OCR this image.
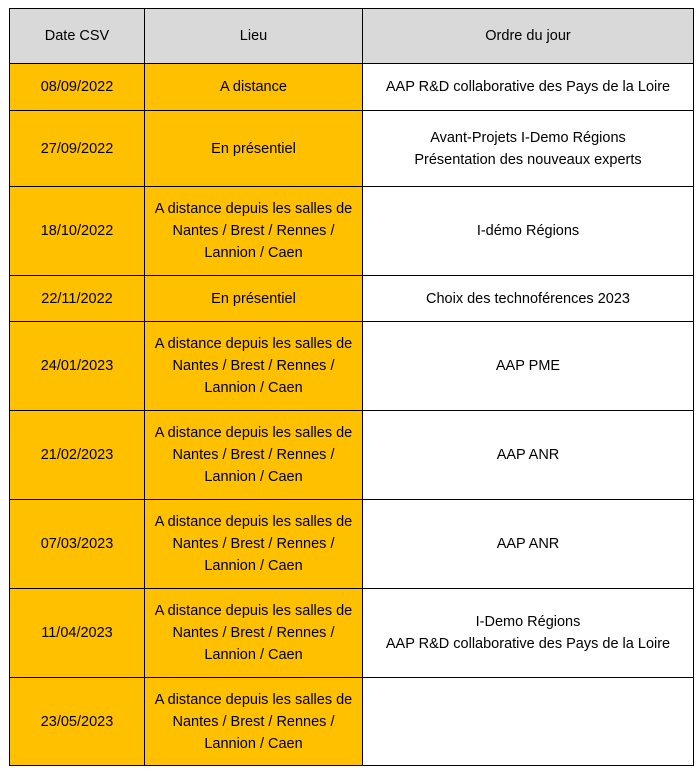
Date CSV	Lieu	Ordre du jour
08/09/2022	A distance	AAP R&D collaborative des Pays de la Loire

27/09/2022	En présentiel	Avant-Projets I-Demo Régions
Présentation des nouveaux experts

18/10/2022	A distance depuis les salles de
Nantes / Brest / Rennes /
Lannion / Caen	I-démo Régions

22/11/2022	En présentiel	Choix des technoférences 2023

24/01/2023	A distance depuis les salles de
Nantes / Brest / Rennes /
Lannion / Caen	AAP PME

21/02/2023	A distance depuis les salles de
Nantes / Brest / Rennes /
Lannion / Caen	AAP ANR

07/03/2023	A distance depuis les salles de
Nantes / Brest / Rennes /
Lannion / Caen	AAP ANR

11/04/2023	A distance depuis les salles de
Nantes / Brest / Rennes /
Lannion / Caen	I-Demo Régions
AAP R&D collaborative des Pays de la Loire

23/05/2023	A distance depuis les salles de
Nantes / Brest / Rennes /
Lannion / Caen	
